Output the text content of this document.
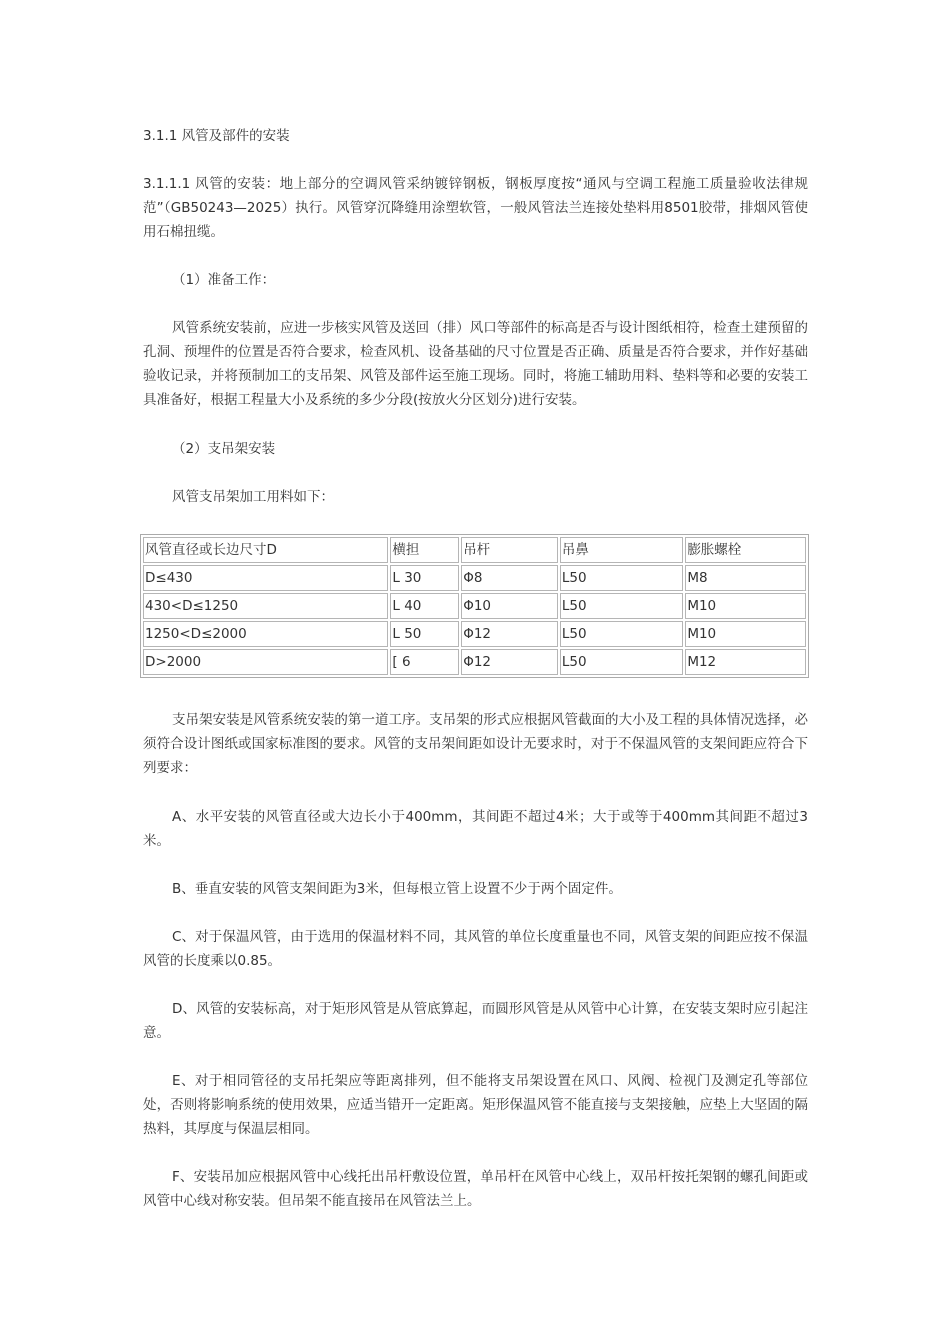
3.1.1 风管及部件的安装

3.1.1.1 风管的安装：地上部分的空调风管采纳镀锌钢板，钢板厚度按“通风与空调工程施工质量验收法律规范”（GB50243—2025）执行。风管穿沉降缝用涂塑软管，一般风管法兰连接处垫料用8501胶带，排烟风管使用石棉扭缆。

（1）准备工作：

风管系统安装前，应进一步核实风管及送回（排）风口等部件的标高是否与设计图纸相符，检查土建预留的孔洞、预埋件的位置是否符合要求，检查风机、设备基础的尺寸位置是否正确、质量是否符合要求，并作好基础验收记录，并将预制加工的支吊架、风管及部件运至施工现场。同时，将施工辅助用料、垫料等和必要的安装工具准备好，根据工程量大小及系统的多少分段(按放火分区划分)进行安装。

（2）支吊架安装

风管支吊架加工用料如下：

风管直径或长边尺寸D	横担	吊杆	吊鼻	膨胀螺栓
D≤430	L 30	Φ8	L50	M8
430<D≤1250	L 40	Φ10	L50	M10
1250<D≤2000	L 50	Φ12	L50	M10
D>2000	[ 6	Φ12	L50	M12

支吊架安装是风管系统安装的第一道工序。支吊架的形式应根据风管截面的大小及工程的具体情况选择，必须符合设计图纸或国家标准图的要求。风管的支吊架间距如设计无要求时，对于不保温风管的支架间距应符合下列要求：

A、水平安装的风管直径或大边长小于400mm，其间距不超过4米；大于或等于400mm其间距不超过3米。

B、垂直安装的风管支架间距为3米，但每根立管上设置不少于两个固定件。

C、对于保温风管，由于选用的保温材料不同，其风管的单位长度重量也不同，风管支架的间距应按不保温风管的长度乘以0.85。

D、风管的安装标高，对于矩形风管是从管底算起，而圆形风管是从风管中心计算，在安装支架时应引起注意。

E、对于相同管径的支吊托架应等距离排列，但不能将支吊架设置在风口、风阀、检视门及测定孔等部位处，否则将影响系统的使用效果，应适当错开一定距离。矩形保温风管不能直接与支架接触，应垫上大坚固的隔热料，其厚度与保温层相同。

F、安装吊加应根据风管中心线托出吊杆敷设位置，单吊杆在风管中心线上，双吊杆按托架钢的螺孔间距或风管中心线对称安装。但吊架不能直接吊在风管法兰上。
